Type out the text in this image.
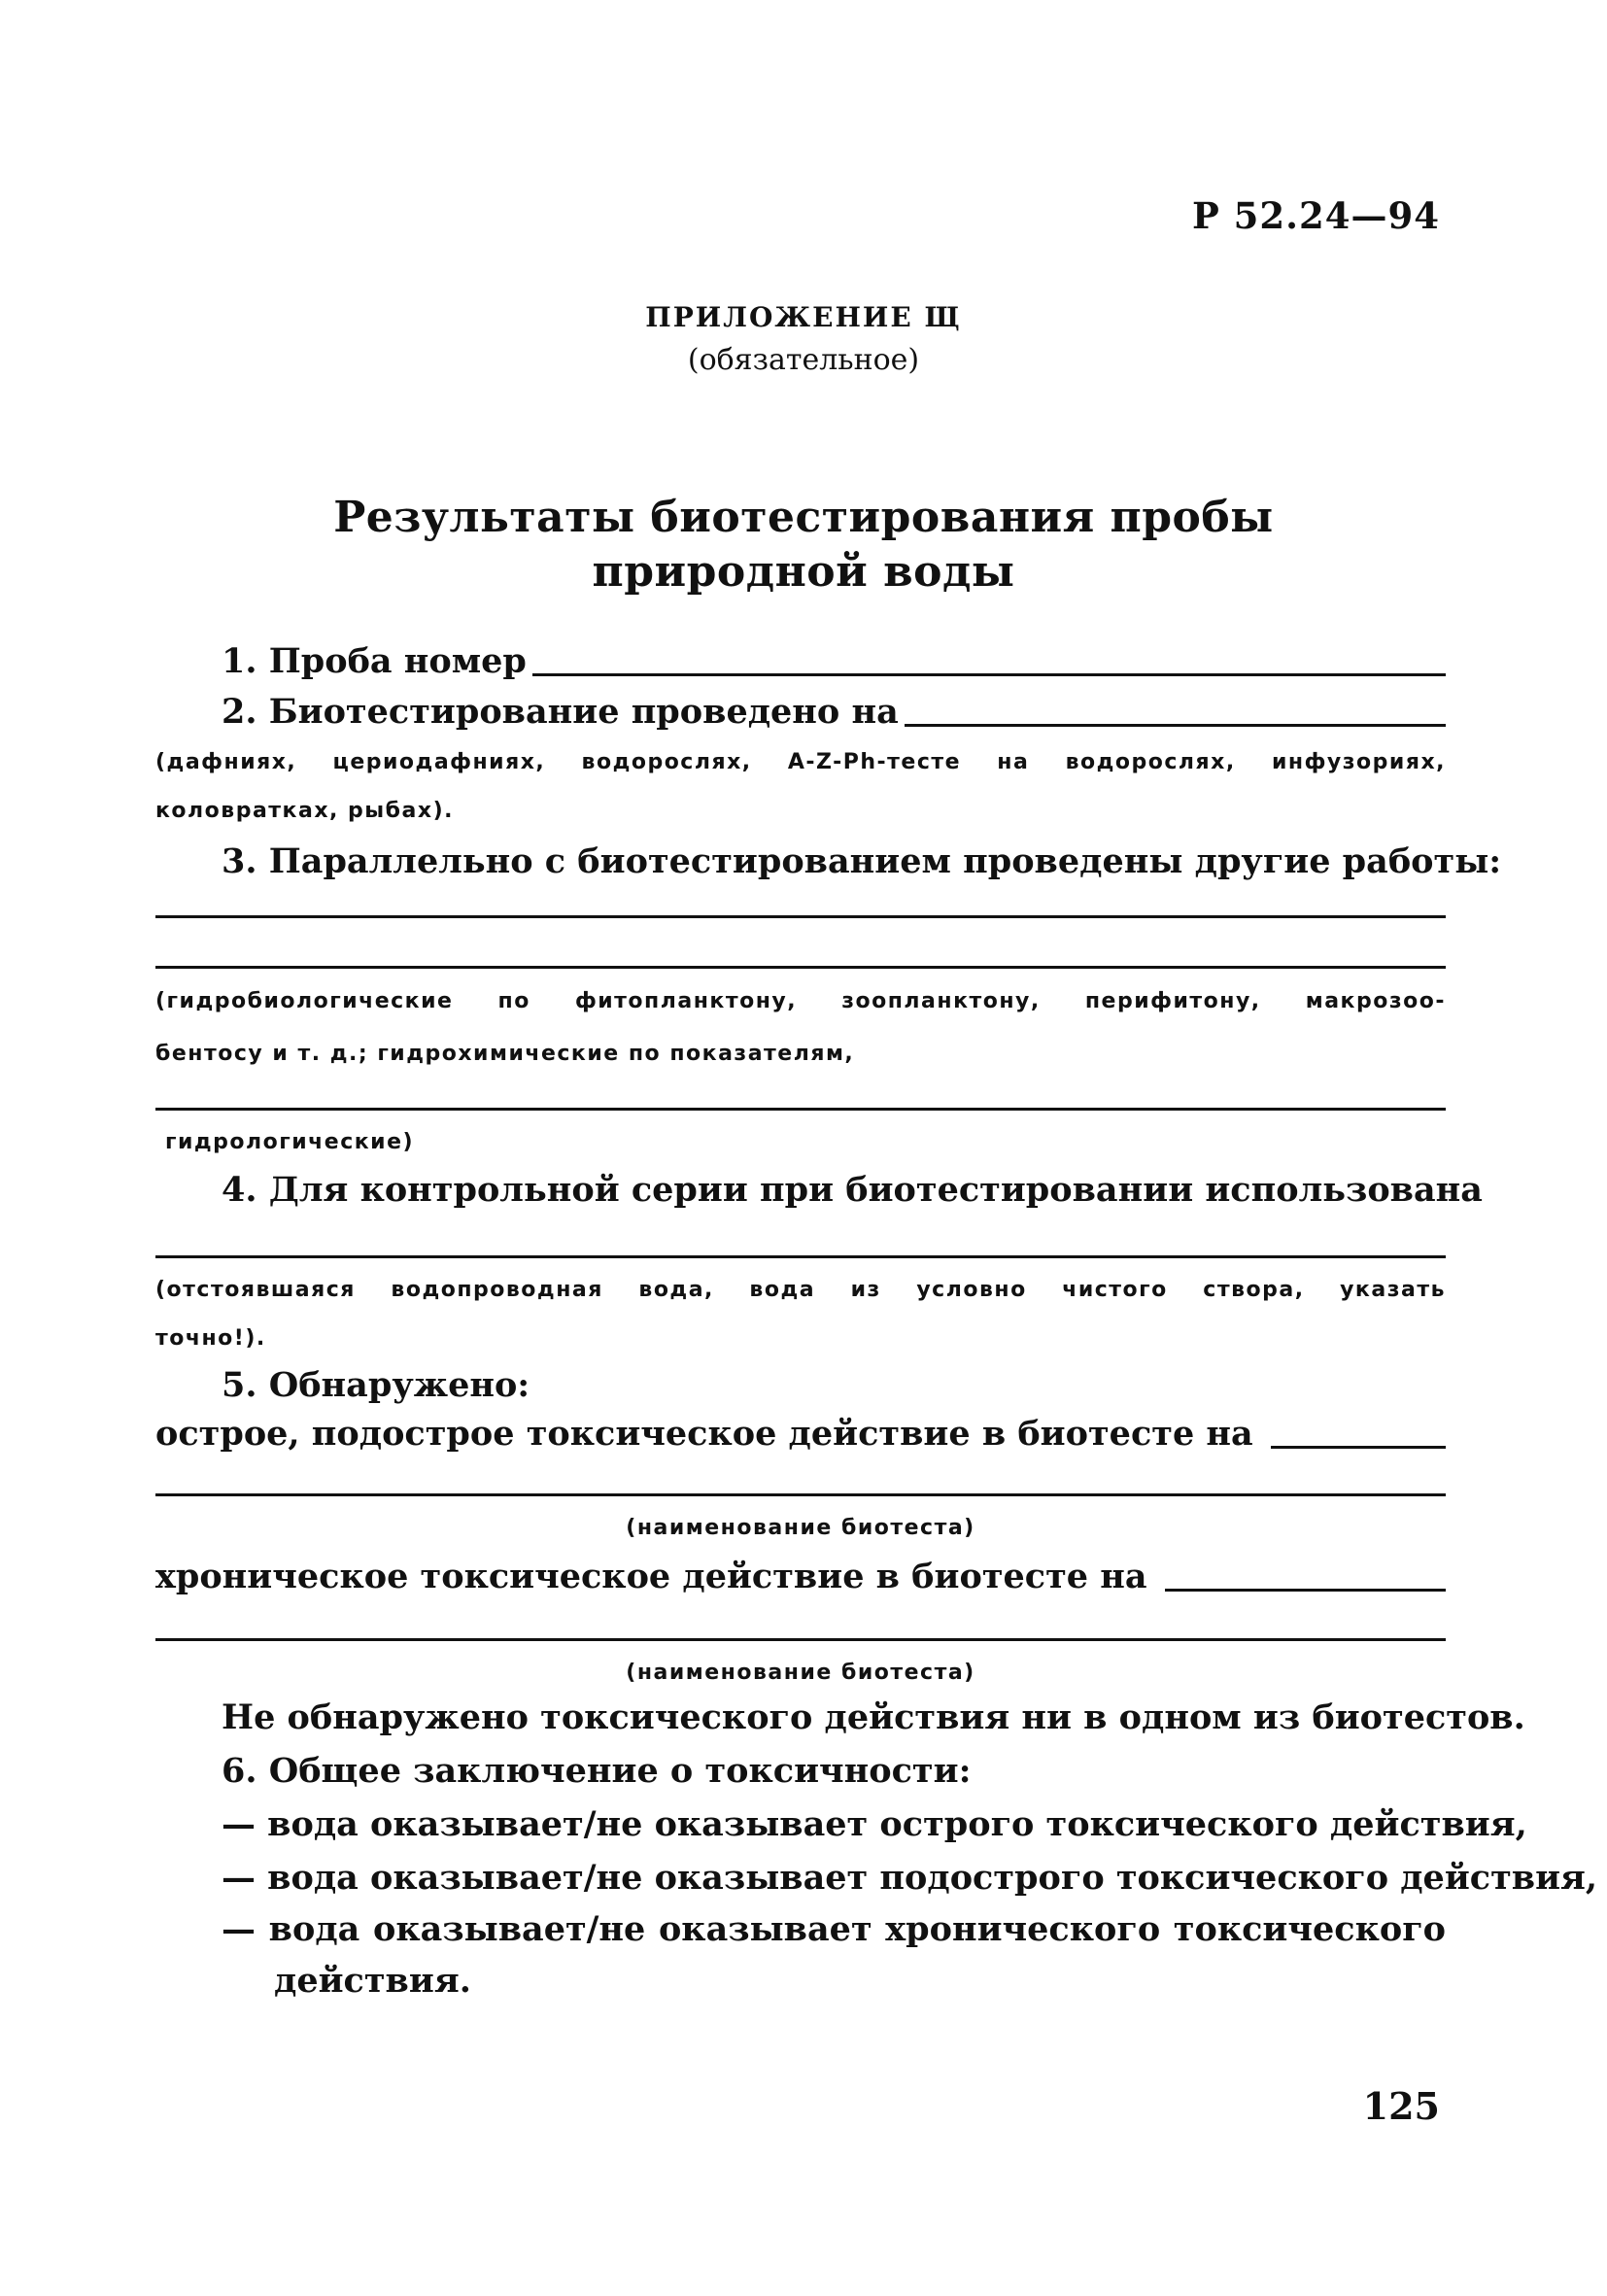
Р 52.24—94
ПРИЛОЖЕНИЕ Щ
(обязательное)
Результаты биотестирования пробы
природной воды
1. Проба номер
2. Биотестирование проведено на
(дафниях, цериодафниях, водорослях, A-Z-Ph-тесте на водорослях, инфузориях,
коловратках, рыбах).
3. Параллельно с биотестированием проведены другие работы:
(гидробиологические по фитопланктону, зоопланктону, перифитону, макрозоо-
бентосу и т. д.; гидрохимические по показателям,
гидрологические)
4. Для контрольной серии при биотестировании использована
(отстоявшаяся водопроводная вода, вода из условно чистого створа, указать
точно!).
5. Обнаружено:
острое, подострое токсическое действие в биотесте на
(наименование биотеста)
хроническое токсическое действие в биотесте на
(наименование биотеста)
Не обнаружено токсического действия ни в одном из биотестов.
6. Общее заключение о токсичности:
— вода оказывает/не оказывает острого токсического действия,
— вода оказывает/не оказывает подострого токсического действия,
— вода оказывает/не оказывает хронического токсического
действия.
125
